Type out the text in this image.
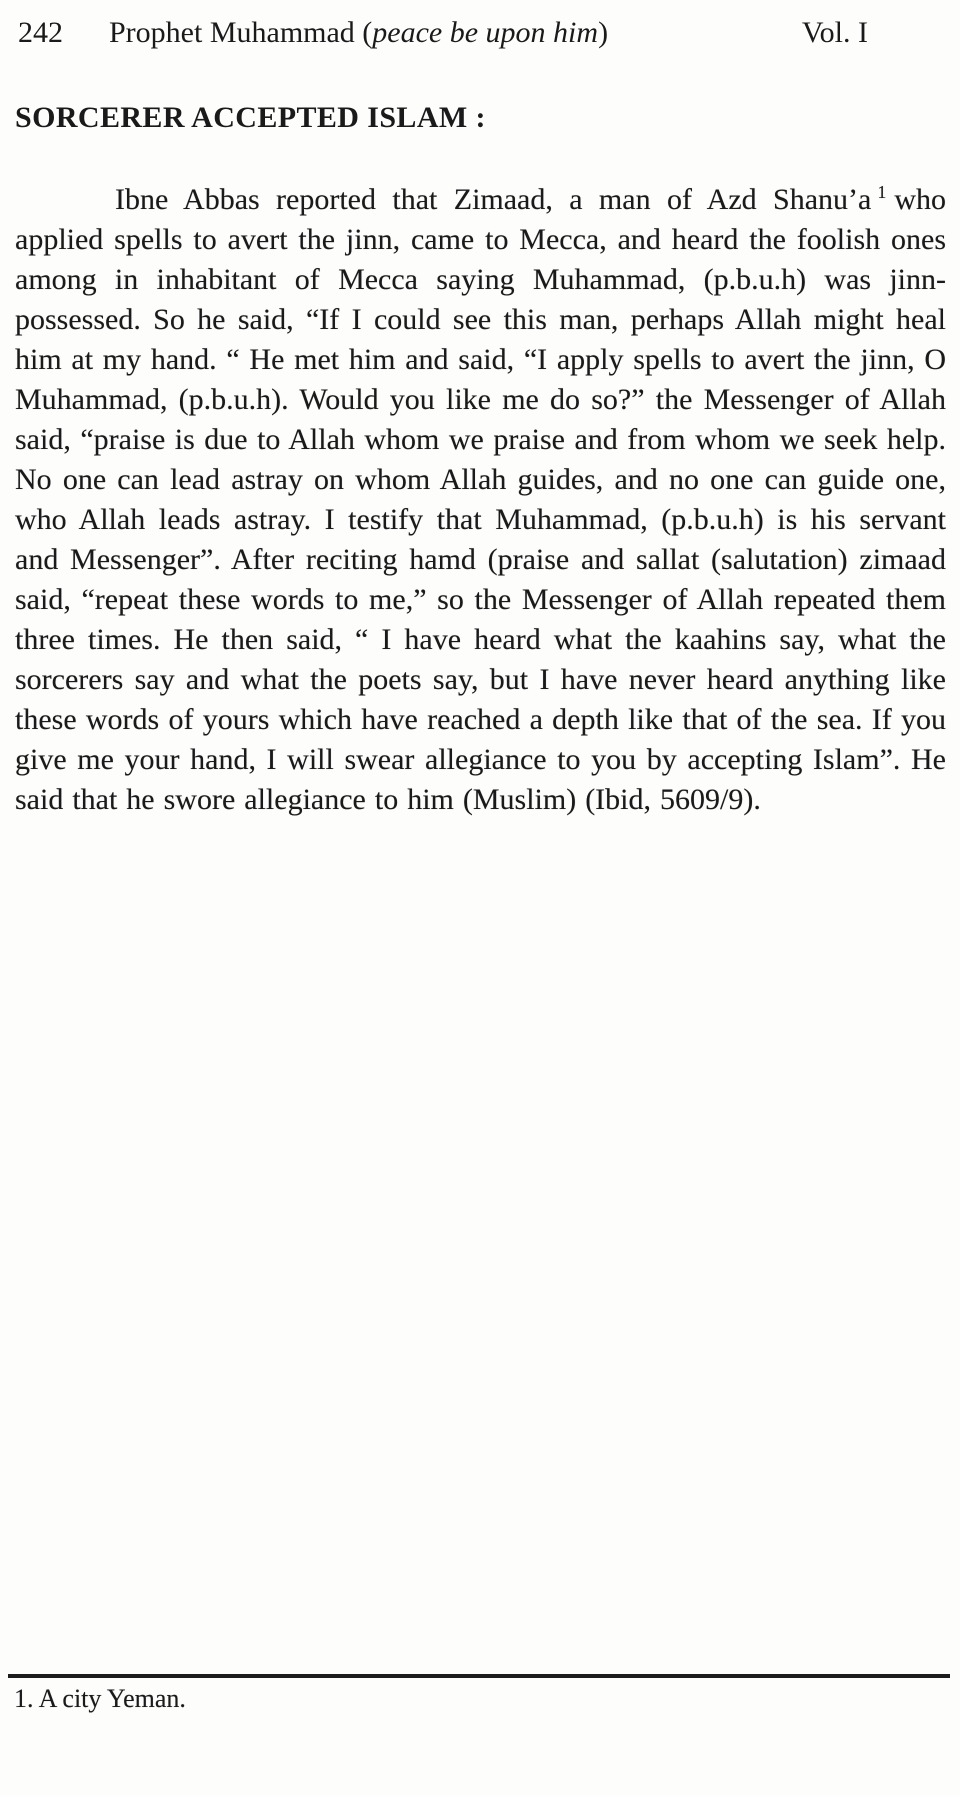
242 Prophet Muhammad (peace be upon him)	Vol. I
SORCERER ACCEPTED ISLAM :

Ibne Abbas reported that Zimaad, a man of Azd Shanu’a $^1$ who applied spells to avert the jinn, came to Mecca, and heard the foolish ones among in inhabitant of Mecca saying Muhammad, (p.b.u.h) was jinn-possessed. So he said, “If I could see this man, perhaps Allah might heal him at my hand. “ He met him and said, “I apply spells to avert the jinn, O Muhammad, (p.b.u.h). Would you like me do so?” the Messenger of Allah said, “praise is due to Allah whom we praise and from whom we seek help. No one can lead astray on whom Allah guides, and no one can guide one, who Allah leads astray. I testify that Muhammad, (p.b.u.h) is his servant and Messenger”. After reciting hamd (praise and sallat (salutation) zimaad said, “repeat these words to me,” so the Messenger of Allah repeated them three times. He then said, “ I have heard what the kaahins say, what the sorcerers say and what the poets say, but I have never heard anything like these words of yours which have reached a depth like that of the sea. If you give me your hand, I will swear allegiance to you by accepting Islam”. He said that he swore allegiance to him (Muslim) (Ibid, 5609/9).

1. A city Yeman.
